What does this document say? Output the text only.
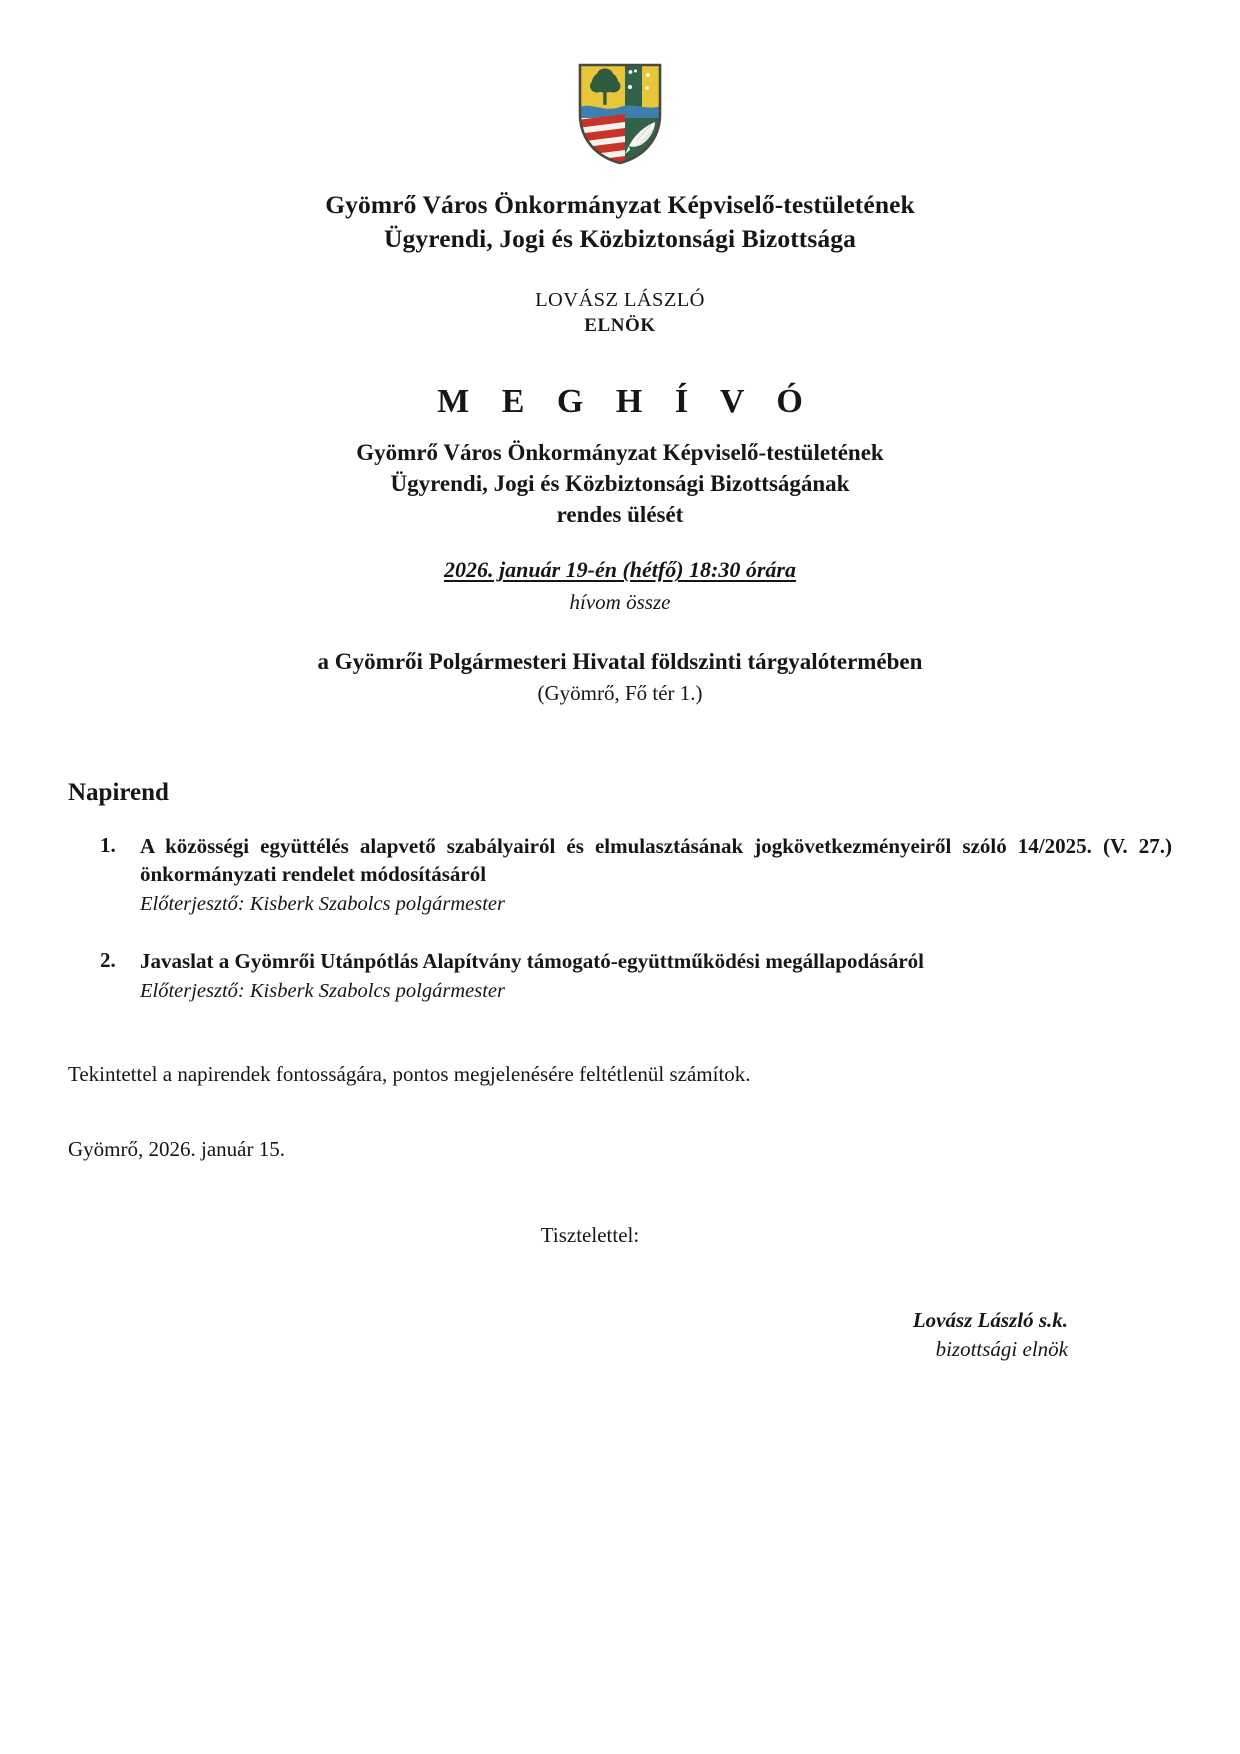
Gyömrő Város Önkormányzat Képviselő-testületének
Ügyrendi, Jogi és Közbiztonsági Bizottsága
LOVÁSZ LÁSZLÓ
ELNÖK
M E G H Í V Ó
Gyömrő Város Önkormányzat Képviselő-testületének
Ügyrendi, Jogi és Közbiztonsági Bizottságának
rendes ülését
2026. január 19-én (hétfő) 18:30 órára
hívom össze
a Gyömrői Polgármesteri Hivatal földszinti tárgyalótermében
(Gyömrő, Fő tér 1.)
Napirend
1. A közösségi együttélés alapvető szabályairól és elmulasztásának jogkövetkezményeiről szóló 14/2025. (V. 27.) önkormányzati rendelet módosításáról
Előterjesztő: Kisberk Szabolcs polgármester
2. Javaslat a Gyömrői Utánpótlás Alapítvány támogató-együttműködési megállapodásáról
Előterjesztő: Kisberk Szabolcs polgármester
Tekintettel a napirendek fontosságára, pontos megjelenésére feltétlenül számítok.
Gyömrő, 2026. január 15.
Tisztelettel:
Lovász László s.k.
bizottsági elnök
